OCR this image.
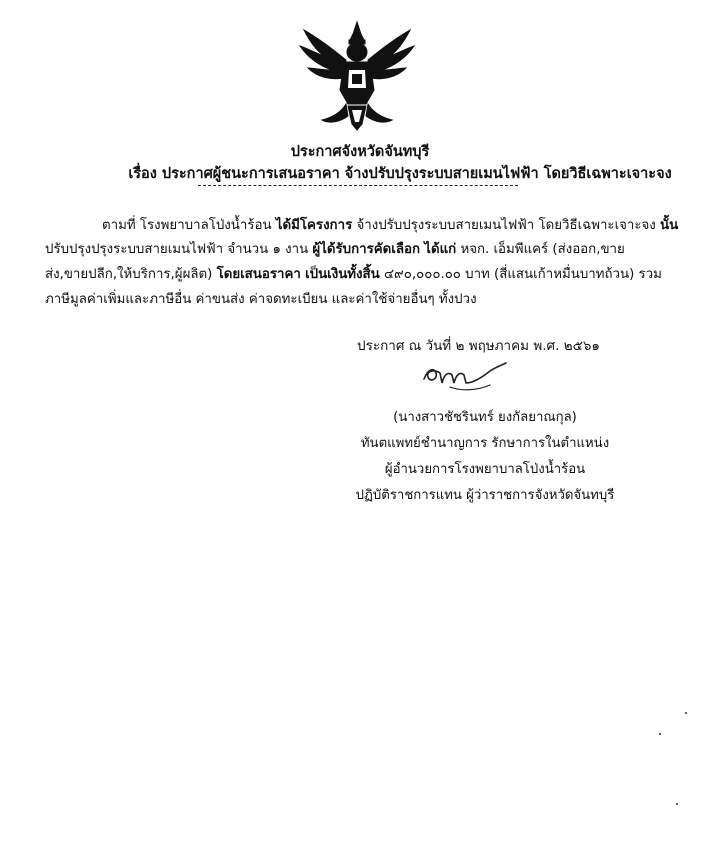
ประกาศจังหวัดจันทบุรี
เรื่อง ประกาศผู้ชนะการเสนอราคา จ้างปรับปรุงระบบสายเมนไฟฟ้า โดยวิธีเฉพาะเจาะจง
ตามที่ โรงพยาบาลโป่งน้ำร้อน ได้มีโครงการ จ้างปรับปรุงระบบสายเมนไฟฟ้า โดยวิธีเฉพาะเจาะจง นั้น
ปรับปรุงปรุงระบบสายเมนไฟฟ้า จำนวน ๑ งาน ผู้ได้รับการคัดเลือก ได้แก่ หจก. เอ็มพีแคร์ (ส่งออก,ขาย
ส่ง,ขายปลีก,ให้บริการ,ผู้ผลิต) โดยเสนอราคา เป็นเงินทั้งสิ้น ๔๙๐,๐๐๐.๐๐ บาท (สี่แสนเก้าหมื่นบาทถ้วน) รวม
ภาษีมูลค่าเพิ่มและภาษีอื่น ค่าขนส่ง ค่าจดทะเบียน และค่าใช้จ่ายอื่นๆ ทั้งปวง
ประกาศ ณ วันที่ ๒ พฤษภาคม พ.ศ. ๒๕๖๑
(นางสาวชัชรินทร์ ยงกัลยาณกุล)
ทันตแพทย์ชำนาญการ รักษาการในตำแหน่ง
ผู้อำนวยการโรงพยาบาลโป่งน้ำร้อน
ปฏิบัติราชการแทน ผู้ว่าราชการจังหวัดจันทบุรี
